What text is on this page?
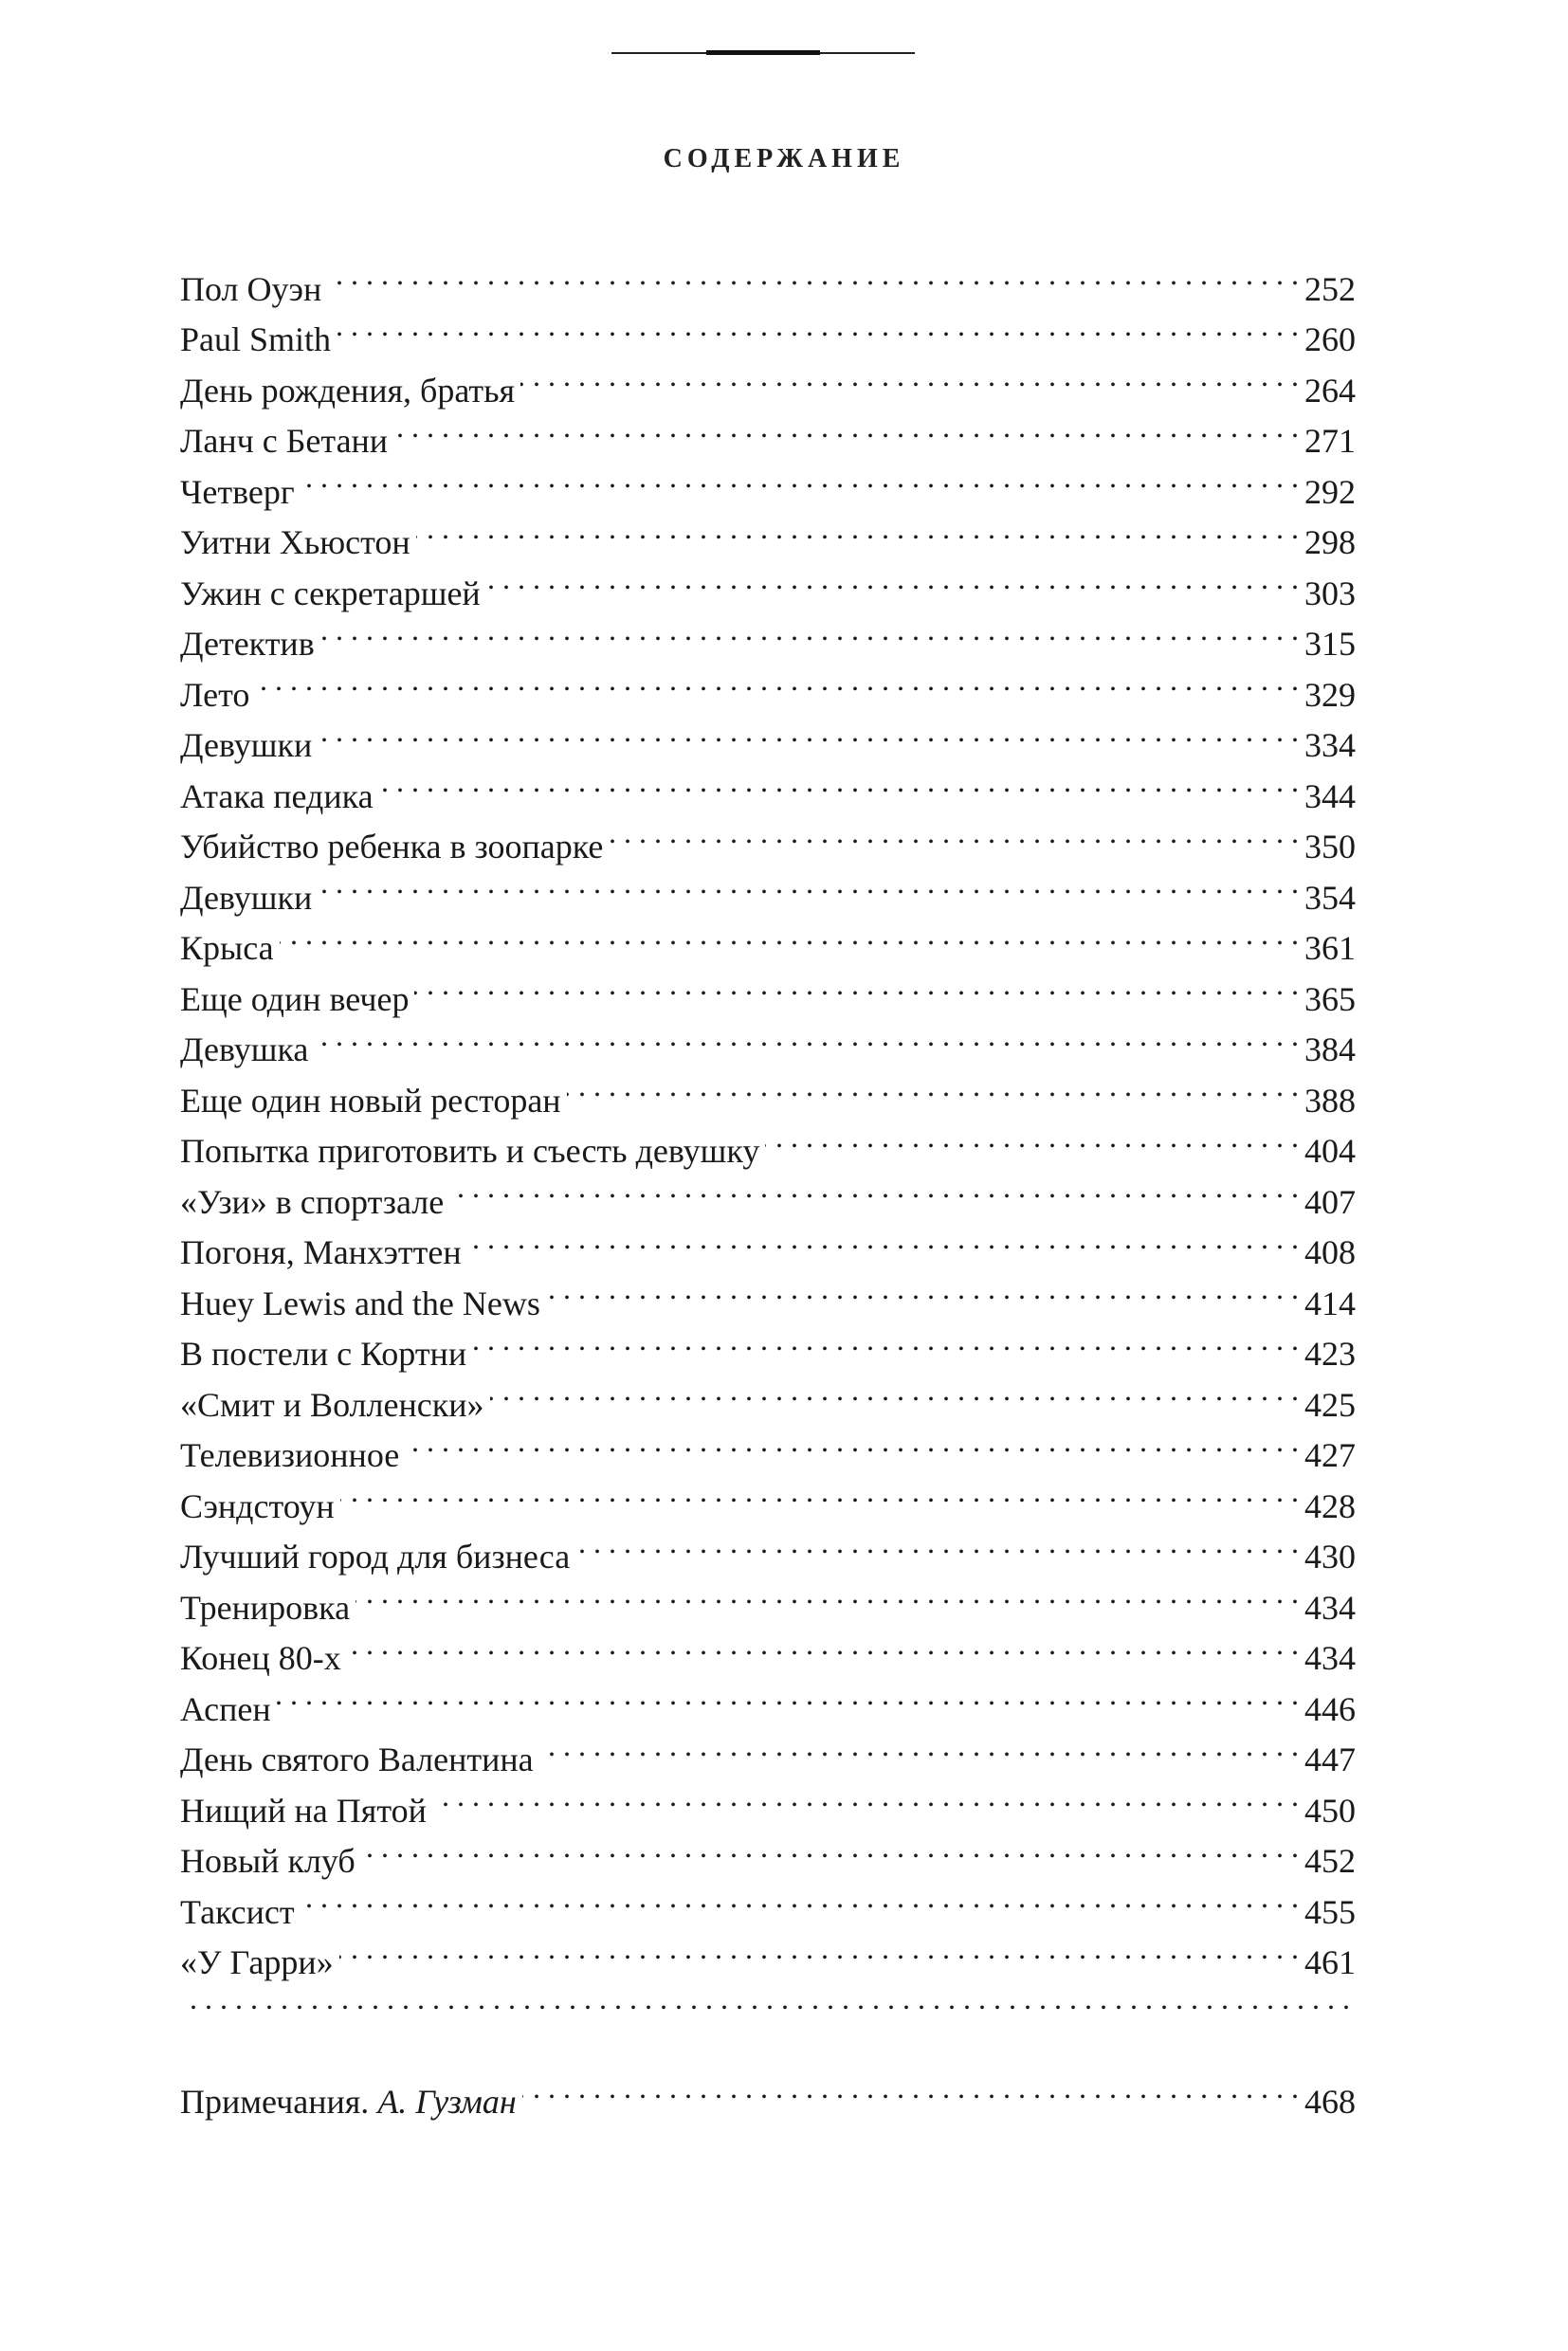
СОДЕРЖАНИЕ
Пол Оуэн . . .	252
Paul Smith . . .	260
День рождения, братья . . .	264
Ланч с Бетани . . .	271
Четверг . . .	292
Уитни Хьюстон . . .	298
Ужин с секретаршей . . .	303
Детектив . . .	315
Лето . . .	329
Девушки . . .	334
Атака педика . . .	344
Убийство ребенка в зоопарке . . .	350
Девушки . . .	354
Крыса . . .	361
Еще один вечер . . .	365
Девушка . . .	384
Еще один новый ресторан . . .	388
Попытка приготовить и съесть девушку . . .	404
«Узи» в спортзале . . .	407
Погоня, Манхэттен . . .	408
Huey Lewis and the News . . .	414
В постели с Кортни . . .	423
«Смит и Волленски» . . .	425
Телевизионное . . .	427
Сэндстоун . . .	428
Лучший город для бизнеса . . .	430
Тренировка . . .	434
Конец 80-х . . .	434
Аспен . . .	446
День святого Валентина . . .	447
Нищий на Пятой . . .	450
Новый клуб . . .	452
Таксист . . .	455
«У Гарри» . . .	461
. . .
Примечания. А. Гузман . . .	468
